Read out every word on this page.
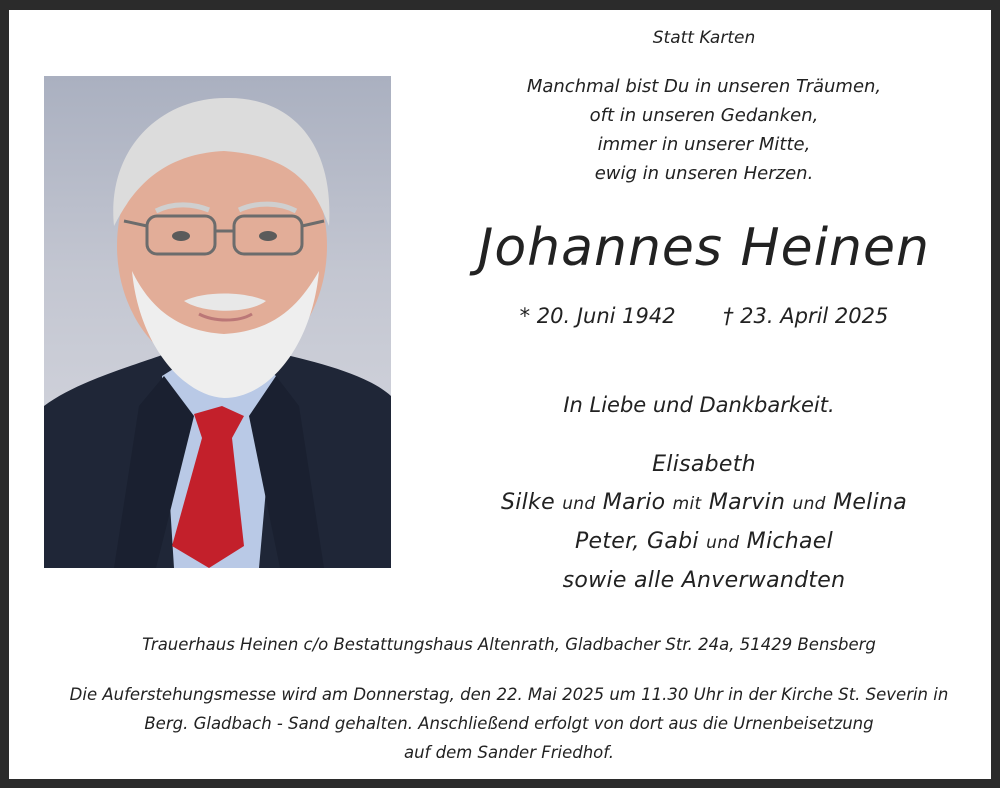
Statt Karten
Manchmal bist Du in unseren Träumen,
oft in unseren Gedanken,
immer in unserer Mitte,
ewig in unseren Herzen.
Johannes Heinen
* 20. Juni 1942 † 23. April 2025
In Liebe und Dankbarkeit.
Elisabeth
Silke und Mario mit Marvin und Melina
Peter, Gabi und Michael
sowie alle Anverwandten
Trauerhaus Heinen c/o Bestattungshaus Altenrath, Gladbacher Str. 24a, 51429 Bensberg
Die Auferstehungsmesse wird am Donnerstag, den 22. Mai 2025 um 11.30 Uhr in der Kirche St. Severin in
Berg. Gladbach - Sand gehalten. Anschließend erfolgt von dort aus die Urnenbeisetzung
auf dem Sander Friedhof.
